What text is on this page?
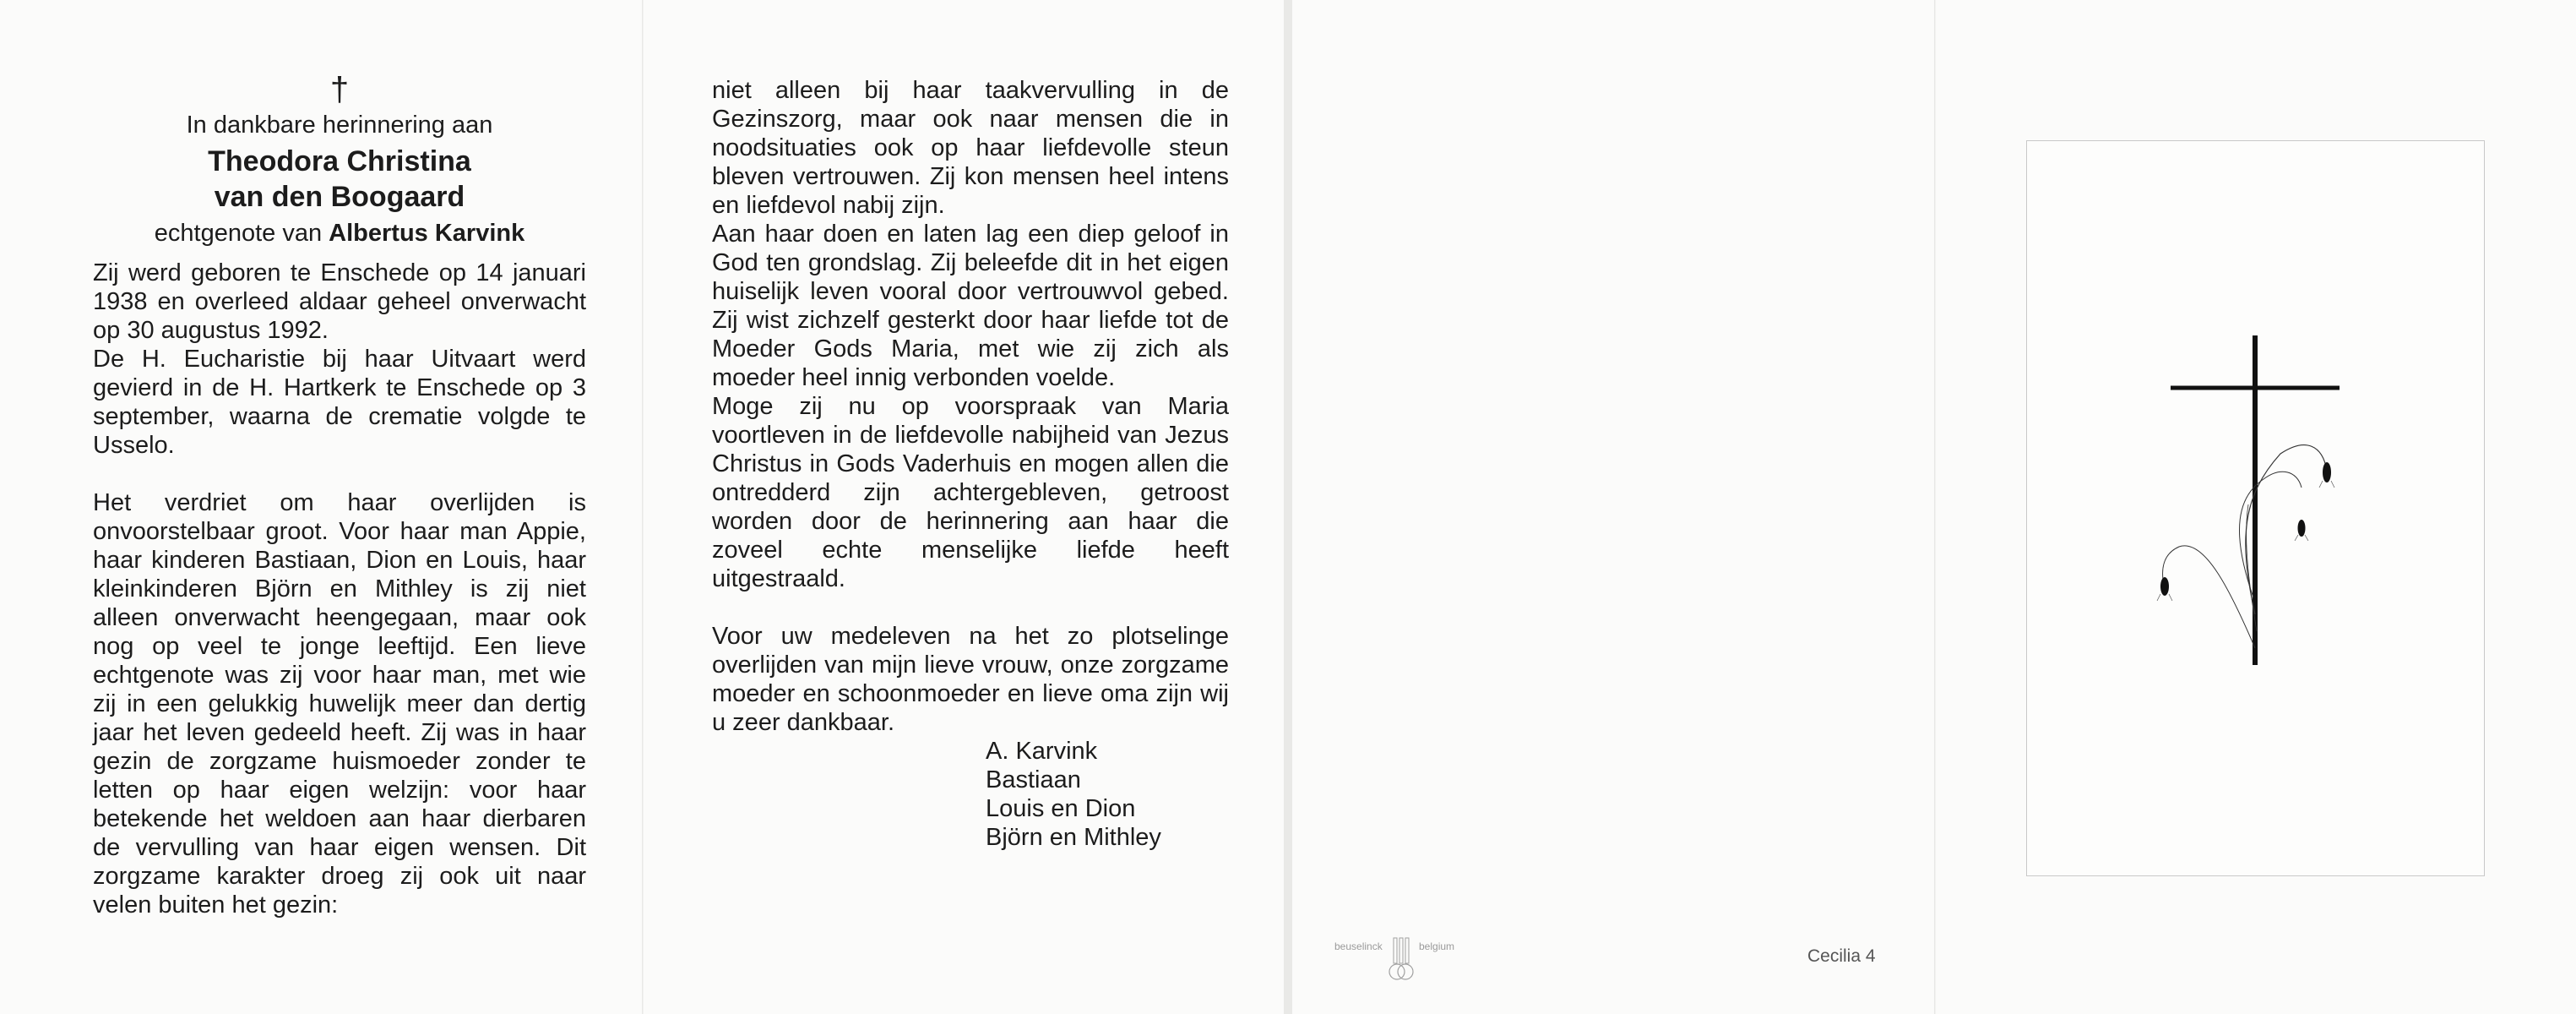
†
In dankbare herinnering aan
Theodora Christina
van den Boogaard
echtgenote van Albertus Karvink

Zij werd geboren te Enschede op 14 januari 1938 en overleed aldaar geheel onverwacht op 30 augustus 1992.

De H. Eucharistie bij haar Uitvaart werd gevierd in de H. Hartkerk te Enschede op 3 september, waarna de crematie volgde te Usselo.

Het verdriet om haar overlijden is onvoorstelbaar groot. Voor haar man Appie, haar kinderen Bastiaan, Dion en Louis, haar kleinkinderen Björn en Mithley is zij niet alleen onverwacht heengegaan, maar ook nog op veel te jonge leeftijd. Een lieve echtgenote was zij voor haar man, met wie zij in een gelukkig huwelijk meer dan dertig jaar het leven gedeeld heeft. Zij was in haar gezin de zorgzame huismoeder zonder te letten op haar eigen welzijn: voor haar betekende het weldoen aan haar dierbaren de vervulling van haar eigen wensen. Dit zorgzame karakter droeg zij ook uit naar velen buiten het gezin:

niet alleen bij haar taakvervulling in de Gezinszorg, maar ook naar mensen die in noodsituaties ook op haar liefdevolle steun bleven vertrouwen. Zij kon mensen heel intens en liefdevol nabij zijn.

Aan haar doen en laten lag een diep geloof in God ten grondslag. Zij beleefde dit in het eigen huiselijk leven vooral door vertrouwvol gebed. Zij wist zichzelf gesterkt door haar liefde tot de Moeder Gods Maria, met wie zij zich als moeder heel innig verbonden voelde.

Moge zij nu op voorspraak van Maria voortleven in de liefdevolle nabijheid van Jezus Christus in Gods Vaderhuis en mogen allen die ontredderd zijn achtergebleven, getroost worden door de herinnering aan haar die zoveel echte menselijke liefde heeft uitgestraald.

Voor uw medeleven na het zo plotselinge overlijden van mijn lieve vrouw, onze zorgzame moeder en schoonmoeder en lieve oma zijn wij u zeer dankbaar.

A. Karvink
Bastiaan
Louis en Dion
Björn en Mithley
beuselinck	belgium	Cecilia 4
